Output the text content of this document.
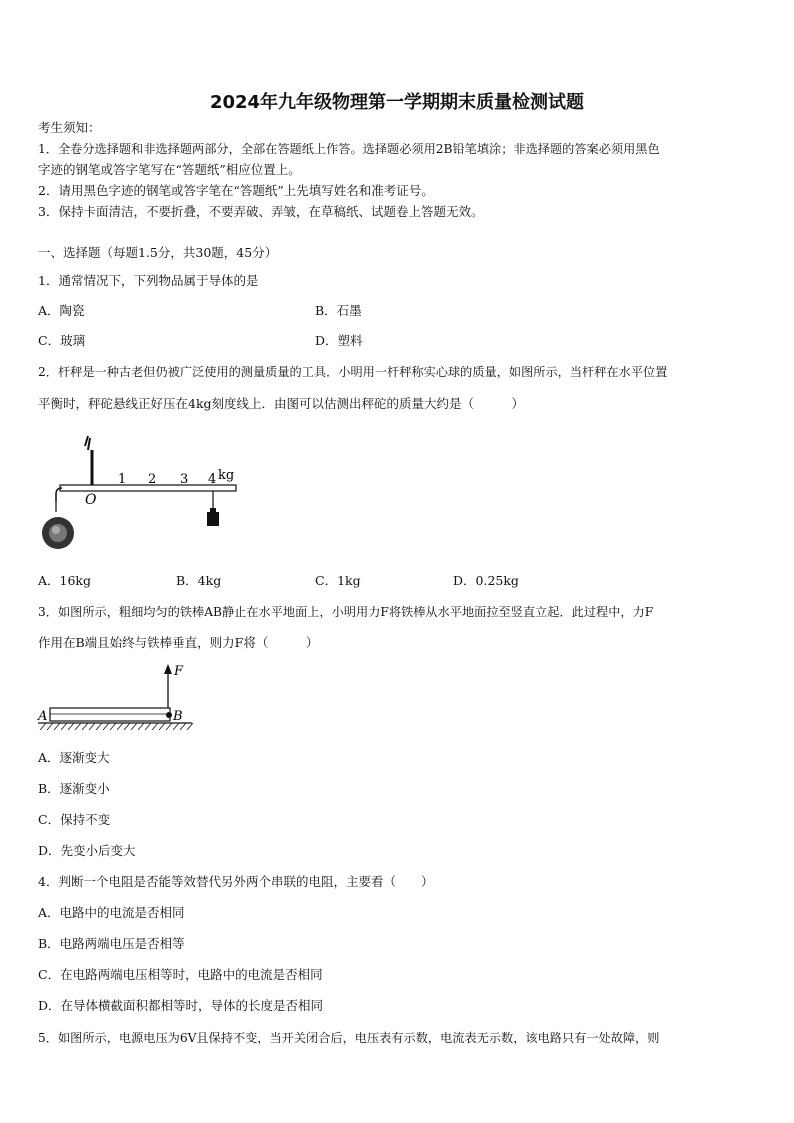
2024年九年级物理第一学期期末质量检测试题
考生须知：
1．全卷分选择题和非选择题两部分，全部在答题纸上作答。选择题必须用2B铅笔填涂；非选择题的答案必须用黑色
字迹的钢笔或答字笔写在“答题纸”相应位置上。
2．请用黑色字迹的钢笔或答字笔在“答题纸”上先填写姓名和准考证号。
3．保持卡面清洁，不要折叠，不要弄破、弄皱，在草稿纸、试题卷上答题无效。
一、选择题（每题1.5分，共30题，45分）
1．通常情况下，下列物品属于导体的是
A．陶瓷	B．石墨
C．玻璃	D．塑料
2．杆秤是一种古老但仍被广泛使用的测量质量的工具．小明用一杆秤称实心球的质量，如图所示，当杆秤在水平位置
平衡时，秤砣悬线正好压在4kg刻度线上．由图可以估测出秤砣的质量大约是（　　　）
O
1 2 3 4 kg
A．16kg	B．4kg	C．1kg	D．0.25kg
3．如图所示，粗细均匀的铁棒AB静止在水平地面上，小明用力F将铁棒从水平地面拉至竖直立起．此过程中，力F
作用在B端且始终与铁棒垂直，则力F将（　　　）
F
A	B
A．逐渐变大
B．逐渐变小
C．保持不变
D．先变小后变大
4．判断一个电阻是否能等效替代另外两个串联的电阻，主要看（　　）
A．电路中的电流是否相同
B．电路两端电压是否相等
C．在电路两端电压相等时，电路中的电流是否相同
D．在导体横截面积都相等时，导体的长度是否相同
5．如图所示，电源电压为6V且保持不变，当开关闭合后，电压表有示数，电流表无示数，该电路只有一处故障，则
